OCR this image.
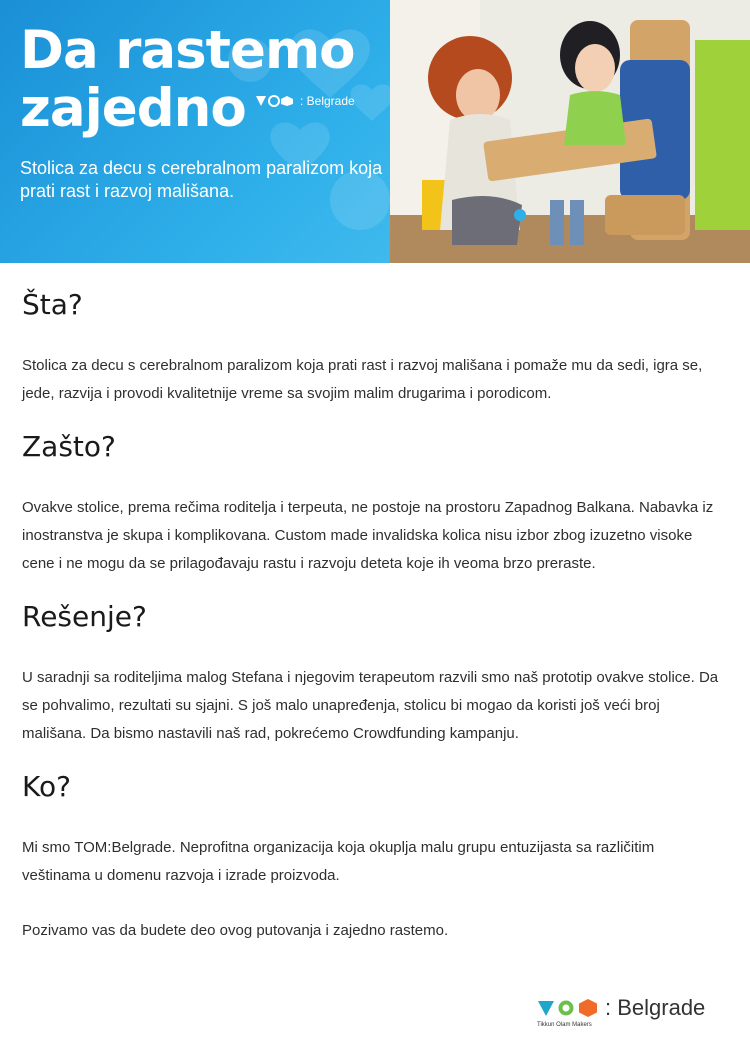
Da rastemo
zajedno	: Belgrade

Stolica za decu s cerebralnom paralizom koja prati rast i razvoj mališana.

Šta?

Stolica za decu s cerebralnom paralizom koja prati rast i razvoj mališana i pomaže mu da sedi, igra se, jede, razvija i provodi kvalitetnije vreme sa svojim malim drugarima i porodicom.

Zašto?

Ovakve stolice, prema rečima roditelja i terpeuta, ne postoje na prostoru Zapadnog Balkana. Nabavka iz inostranstva je skupa i komplikovana. Custom made invalidska kolica nisu izbor zbog izuzetno visoke cene i ne mogu da se prilagođavaju rastu i razvoju deteta koje ih veoma brzo preraste.

Rešenje?

U saradnji sa roditeljima malog Stefana i njegovim terapeutom razvili smo naš prototip ovakve stolice. Da se pohvalimo, rezultati su sjajni. S još malo unapređenja, stolicu bi mogao da koristi još veći broj mališana. Da bismo nastavili naš rad, pokrećemo Crowdfunding kampanju.

Ko?

Mi smo TOM:Belgrade. Neprofitna organizacija koja okuplja malu grupu entuzijasta sa različitim veštinama u domenu razvoja i izrade proizvoda.

Pozivamo vas da budete deo ovog putovanja i zajedno rastemo.

: Belgrade
Tikkun Olam Makers
